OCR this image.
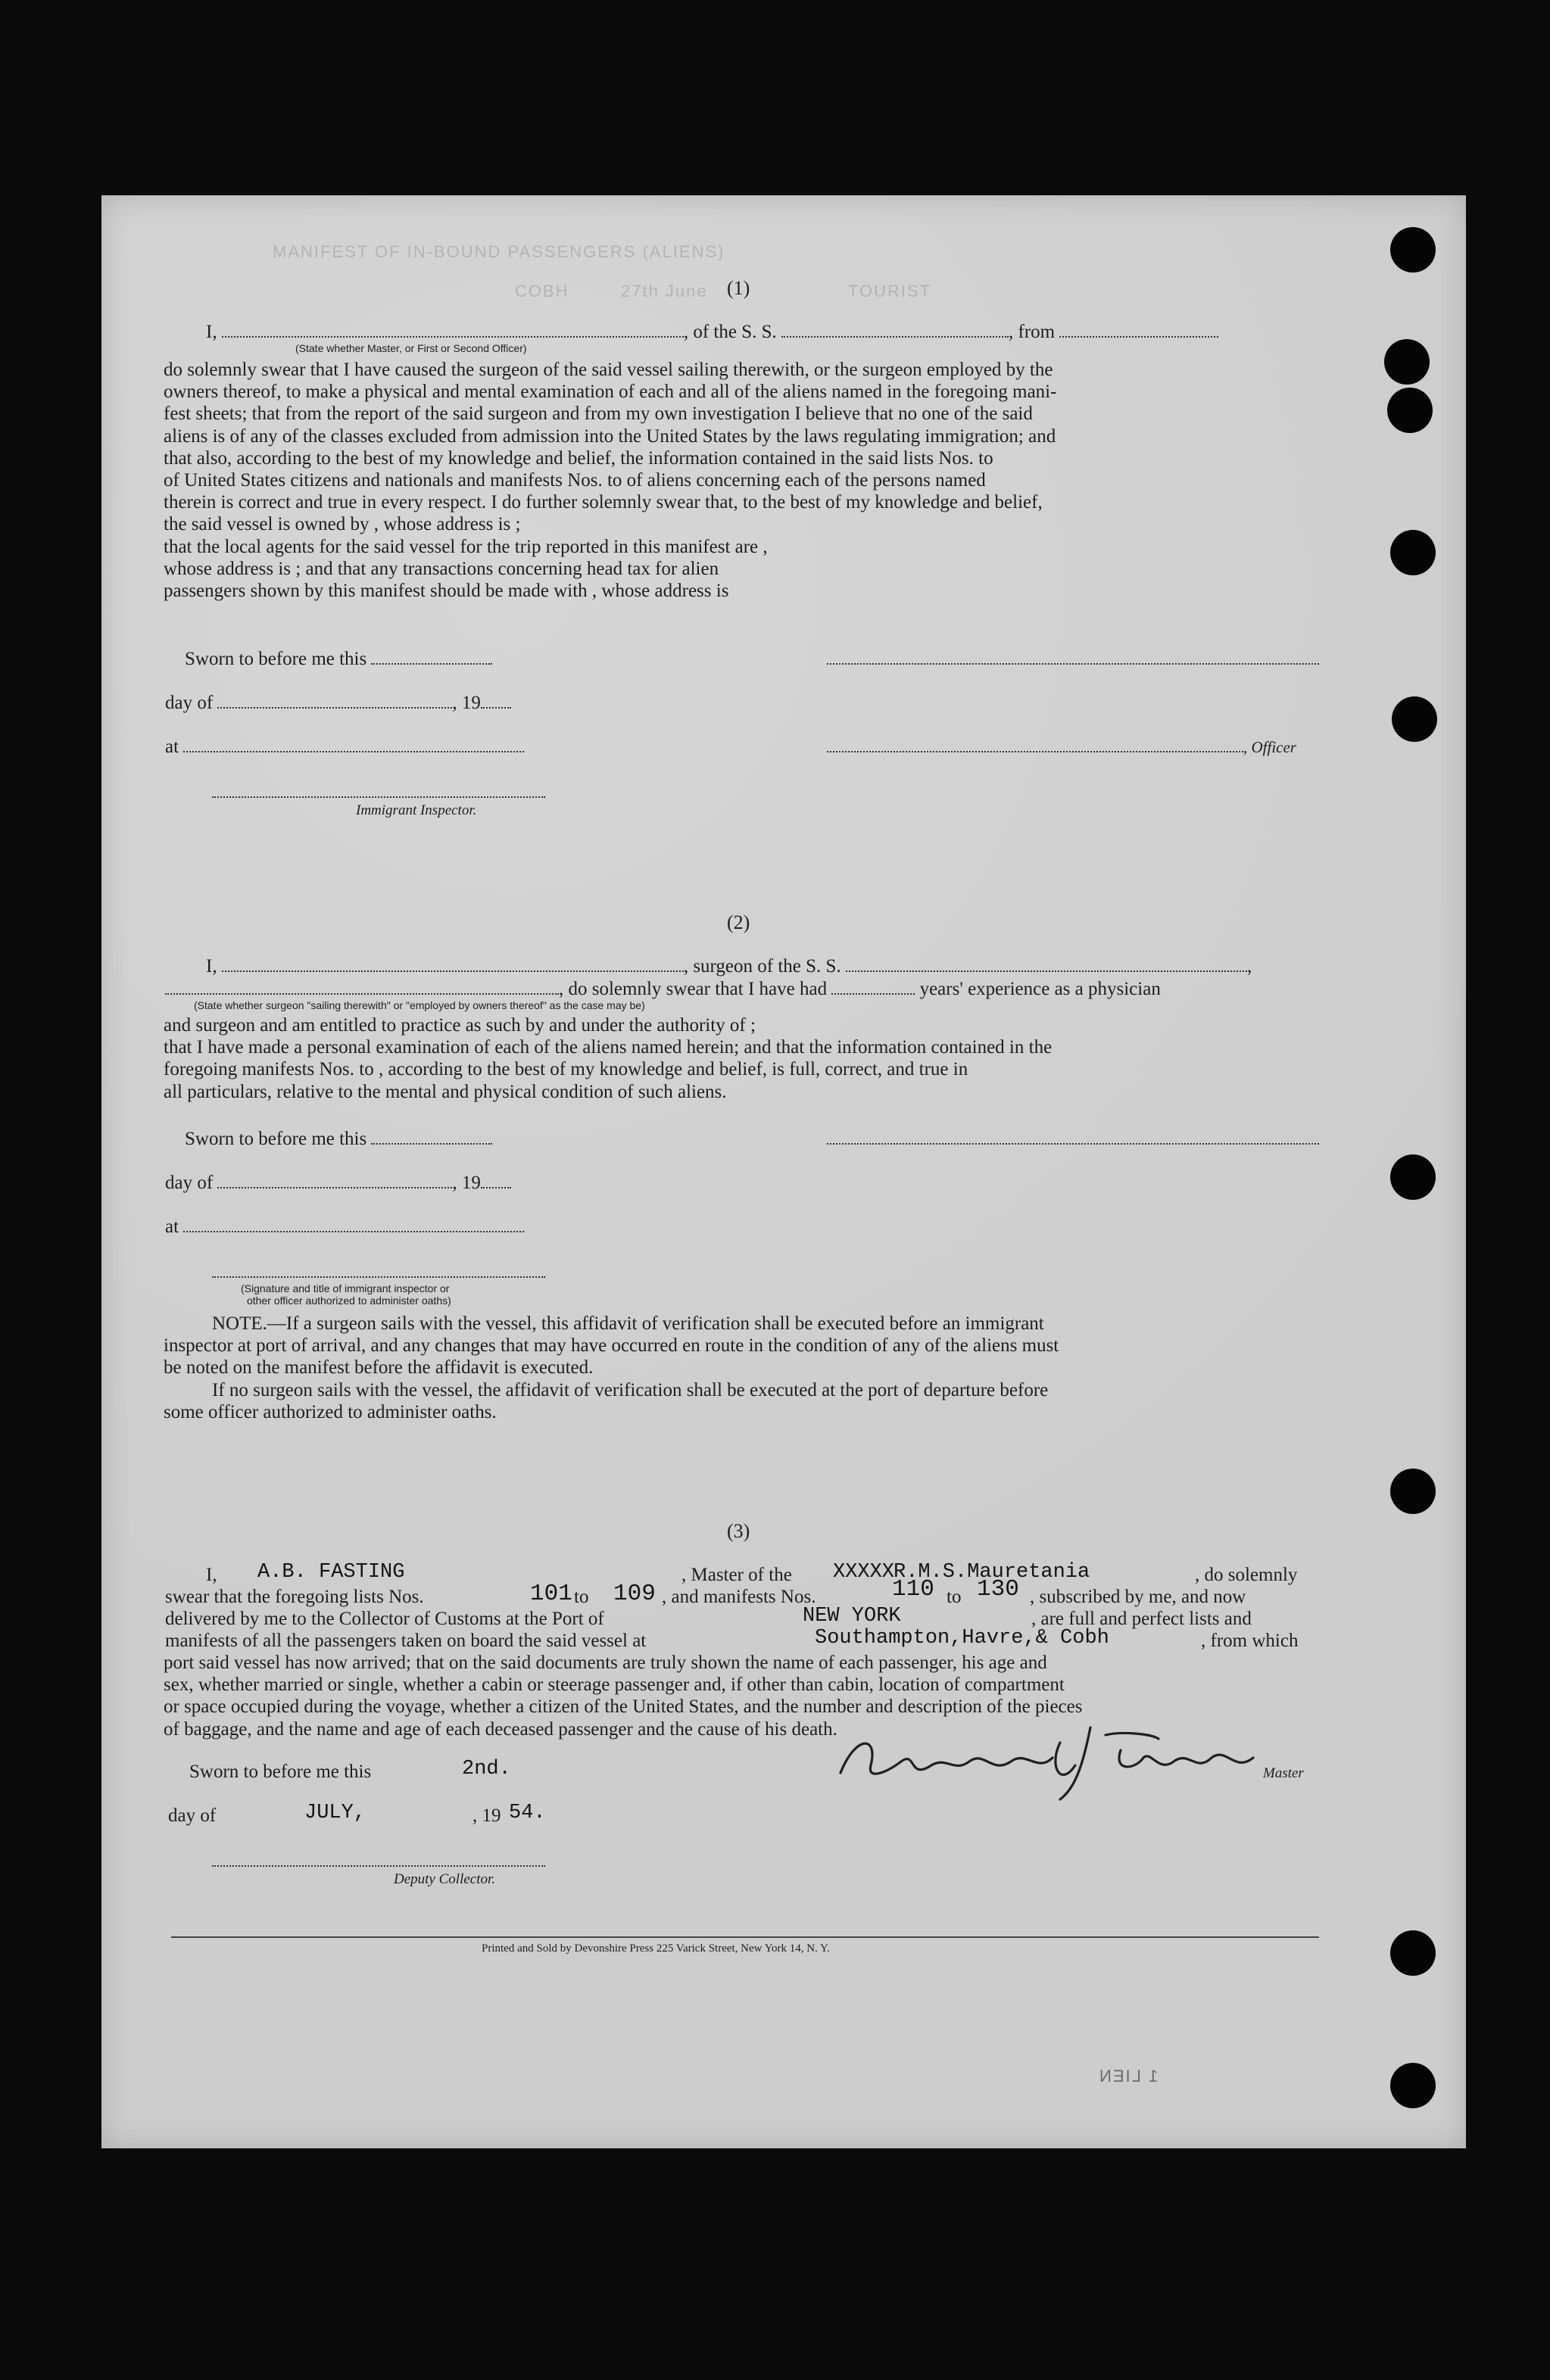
MANIFEST OF IN-BOUND PASSENGERS (ALIENS)
27th June
COBH	TOURIST
(1)
I,	, of the S. S.	, from
(State whether Master, or First or Second Officer)
do solemnly swear that I have caused the surgeon of the said vessel sailing therewith, or the surgeon employed by the
owners thereof, to make a physical and mental examination of each and all of the aliens named in the foregoing mani-
fest sheets; that from the report of the said surgeon and from my own investigation I believe that no one of the said
aliens is of any of the classes excluded from admission into the United States by the laws regulating immigration; and
that also, according to the best of my knowledge and belief, the information contained in the said lists Nos. to
of United States citizens and nationals and manifests Nos. to of aliens concerning each of the persons named
therein is correct and true in every respect. I do further solemnly swear that, to the best of my knowledge and belief,
the said vessel is owned by , whose address is ;
that the local agents for the said vessel for the trip reported in this manifest are ,
whose address is ; and that any transactions concerning head tax for alien
passengers shown by this manifest should be made with , whose address is
Sworn to before me this
day of	, 19
at	, Officer
Immigrant Inspector.
(2)
I,	, surgeon of the S. S.	,
, do solemnly swear that I have had	years' experience as a physician
(State whether surgeon "sailing therewith" or "employed by owners thereof" as the case may be)
and surgeon and am entitled to practice as such by and under the authority of ;
that I have made a personal examination of each of the aliens named herein; and that the information contained in the
foregoing manifests Nos. to , according to the best of my knowledge and belief, is full, correct, and true in
all particulars, relative to the mental and physical condition of such aliens.
Sworn to before me this
day of	, 19
at
(Signature and title of immigrant inspector or
other officer authorized to administer oaths)
NOTE.—If a surgeon sails with the vessel, this affidavit of verification shall be executed before an immigrant
inspector at port of arrival, and any changes that may have occurred en route in the condition of any of the aliens must
be noted on the manifest before the affidavit is executed.
If no surgeon sails with the vessel, the affidavit of verification shall be executed at the port of departure before
some officer authorized to administer oaths.
(3)
I, A.B. FASTING	, Master of the XXXXX
R.M.S.Mauretania	, do solemnly
swear that the foregoing lists Nos.	101 to 109 , and manifests Nos.	110 to 130 , subscribed by me, and now
delivered by me to the Collector of Customs at the Port of	NEW YORK	, are full and perfect lists and
manifests of all the passengers taken on board the said vessel at	Southampton,Havre,& Cobh	, from which
port said vessel has now arrived; that on the said documents are truly shown the name of each passenger, his age and
sex, whether married or single, whether a cabin or steerage passenger and, if other than cabin, location of compartment
or space occupied during the voyage, whether a citizen of the United States, and the number and description of the pieces
of baggage, and the name and age of each deceased passenger and the cause of his death.
Sworn to before me this	2nd.	Master
day of	JULY,	, 19 54.
Deputy Collector.
Printed and Sold by Devonshire Press 225 Varick Street, New York 14, N. Y.
1 LIEN
